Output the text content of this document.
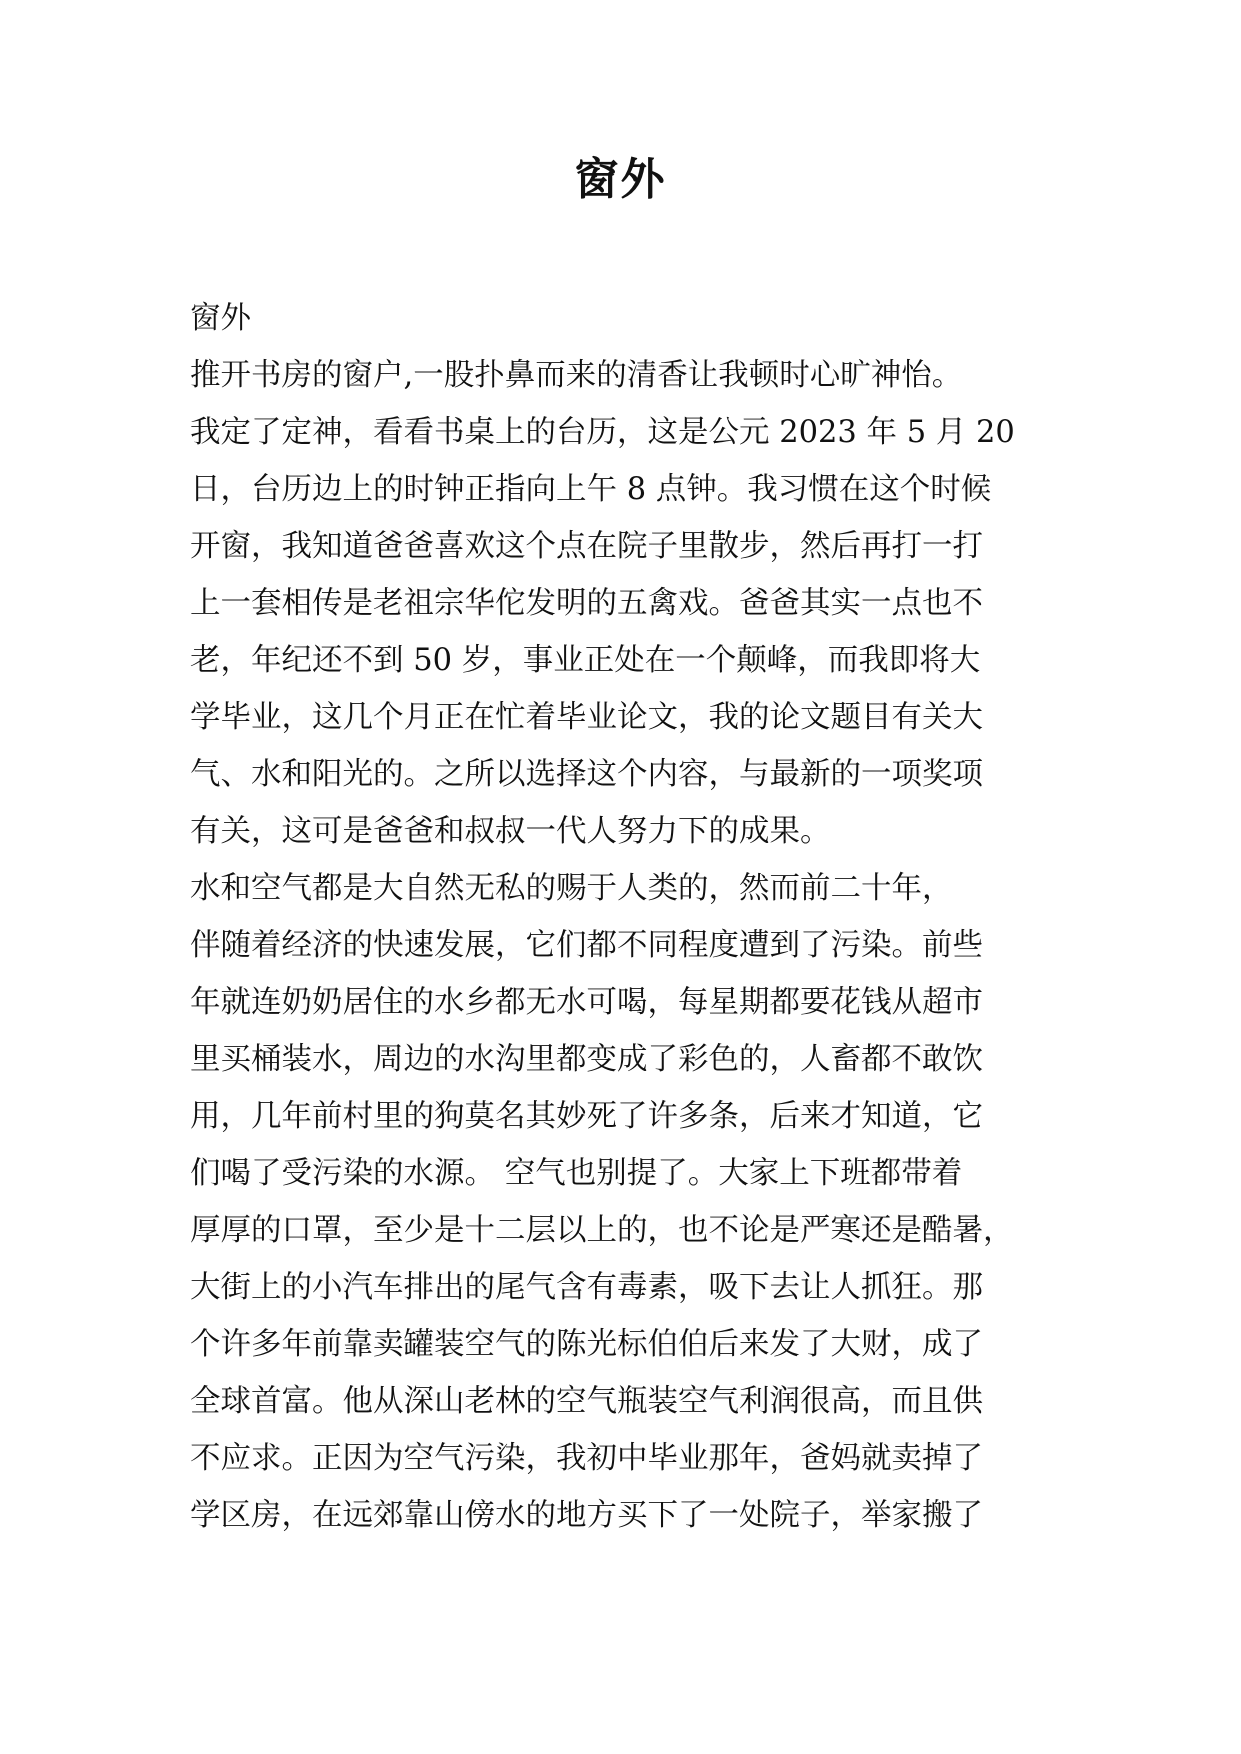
窗外

窗外

推开书房的窗户,一股扑鼻而来的清香让我顿时心旷神怡。

我定了定神，看看书桌上的台历，这是公元 2023 年 5 月 20

日，台历边上的时钟正指向上午 8 点钟。我习惯在这个时候

开窗，我知道爸爸喜欢这个点在院子里散步，然后再打一打

上一套相传是老祖宗华佗发明的五禽戏。爸爸其实一点也不

老，年纪还不到 50 岁，事业正处在一个颠峰，而我即将大

学毕业，这几个月正在忙着毕业论文，我的论文题目有关大

气、水和阳光的。之所以选择这个内容，与最新的一项奖项

有关，这可是爸爸和叔叔一代人努力下的成果。

水和空气都是大自然无私的赐于人类的，然而前二十年，

伴随着经济的快速发展，它们都不同程度遭到了污染。前些

年就连奶奶居住的水乡都无水可喝，每星期都要花钱从超市

里买桶装水，周边的水沟里都变成了彩色的，人畜都不敢饮

用，几年前村里的狗莫名其妙死了许多条，后来才知道，它

们喝了受污染的水源。 空气也别提了。大家上下班都带着

厚厚的口罩，至少是十二层以上的，也不论是严寒还是酷暑，

大街上的小汽车排出的尾气含有毒素，吸下去让人抓狂。那

个许多年前靠卖罐装空气的陈光标伯伯后来发了大财，成了

全球首富。他从深山老林的空气瓶装空气利润很高，而且供

不应求。正因为空气污染，我初中毕业那年，爸妈就卖掉了

学区房，在远郊靠山傍水的地方买下了一处院子，举家搬了
